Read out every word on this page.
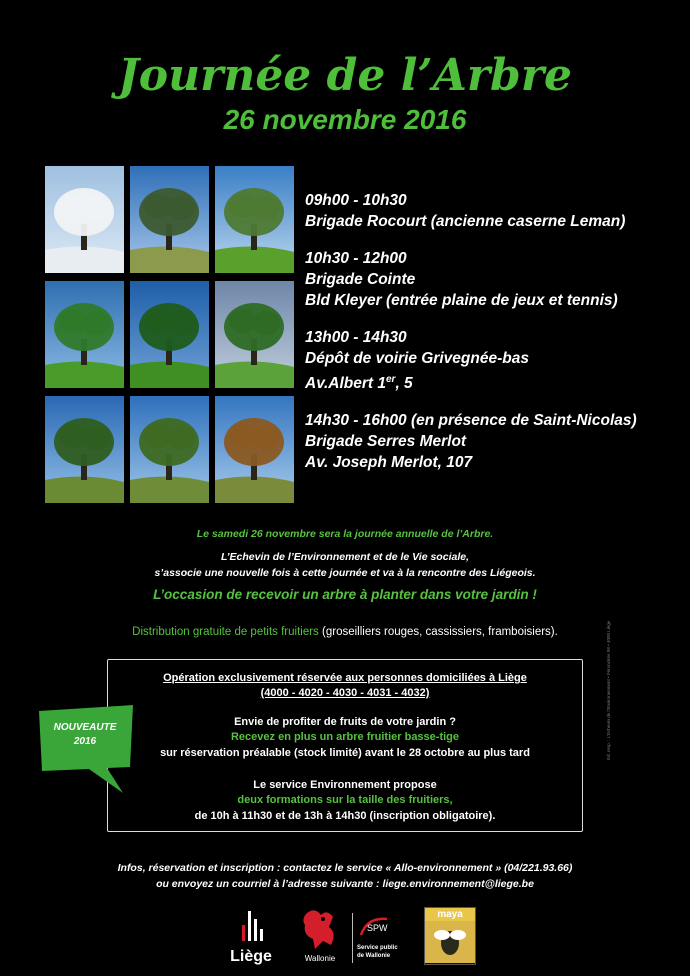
Journée de l’Arbre
26 novembre 2016
09h00 - 10h30
Brigade Rocourt (ancienne caserne Leman)
10h30 - 12h00
Brigade Cointe
Bld Kleyer (entrée plaine de jeux et tennis)
13h00 - 14h30
Dépôt de voirie Grivegnée-bas
Av.Albert 1er, 5
14h30 - 16h00 (en présence de Saint-Nicolas)
Brigade Serres Merlot
Av. Joseph Merlot, 107
Le samedi 26 novembre sera la journée annuelle de l’Arbre.
L’Echevin de l’Environnement et de le Vie sociale,
s’associe une nouvelle fois à cette journée et va à la rencontre des Liégeois.
L’occasion de recevoir un arbre à planter dans votre jardin !
Distribution gratuite de petits fruitiers (groseilliers rouges, cassissiers, framboisiers).
Opération exclusivement réservée aux personnes domiciliées à Liège
(4000 - 4020 - 4030 - 4031 - 4032)
Envie de profiter de fruits de votre jardin ?
Recevez en plus un arbre fruitier basse-tige
sur réservation préalable (stock limité) avant le 28 octobre au plus tard
Le service Environnement propose
deux formations sur la taille des fruitiers,
de 10h à 11h30 et de 13h à 14h30 (inscription obligatoire).
NOUVEAUTE
2016
Infos, réservation et inscription : contactez le service « Allo-environnement » (04/221.93.66)
ou envoyez un courriel à l’adresse suivante : liege.environnement@liege.be
Ed. resp. : L’Echevin de l’Environnement • Féronstrée 98 • 4000 Liège
Liège	Wallonie
SPW
Service public
de Wallonie
maya
